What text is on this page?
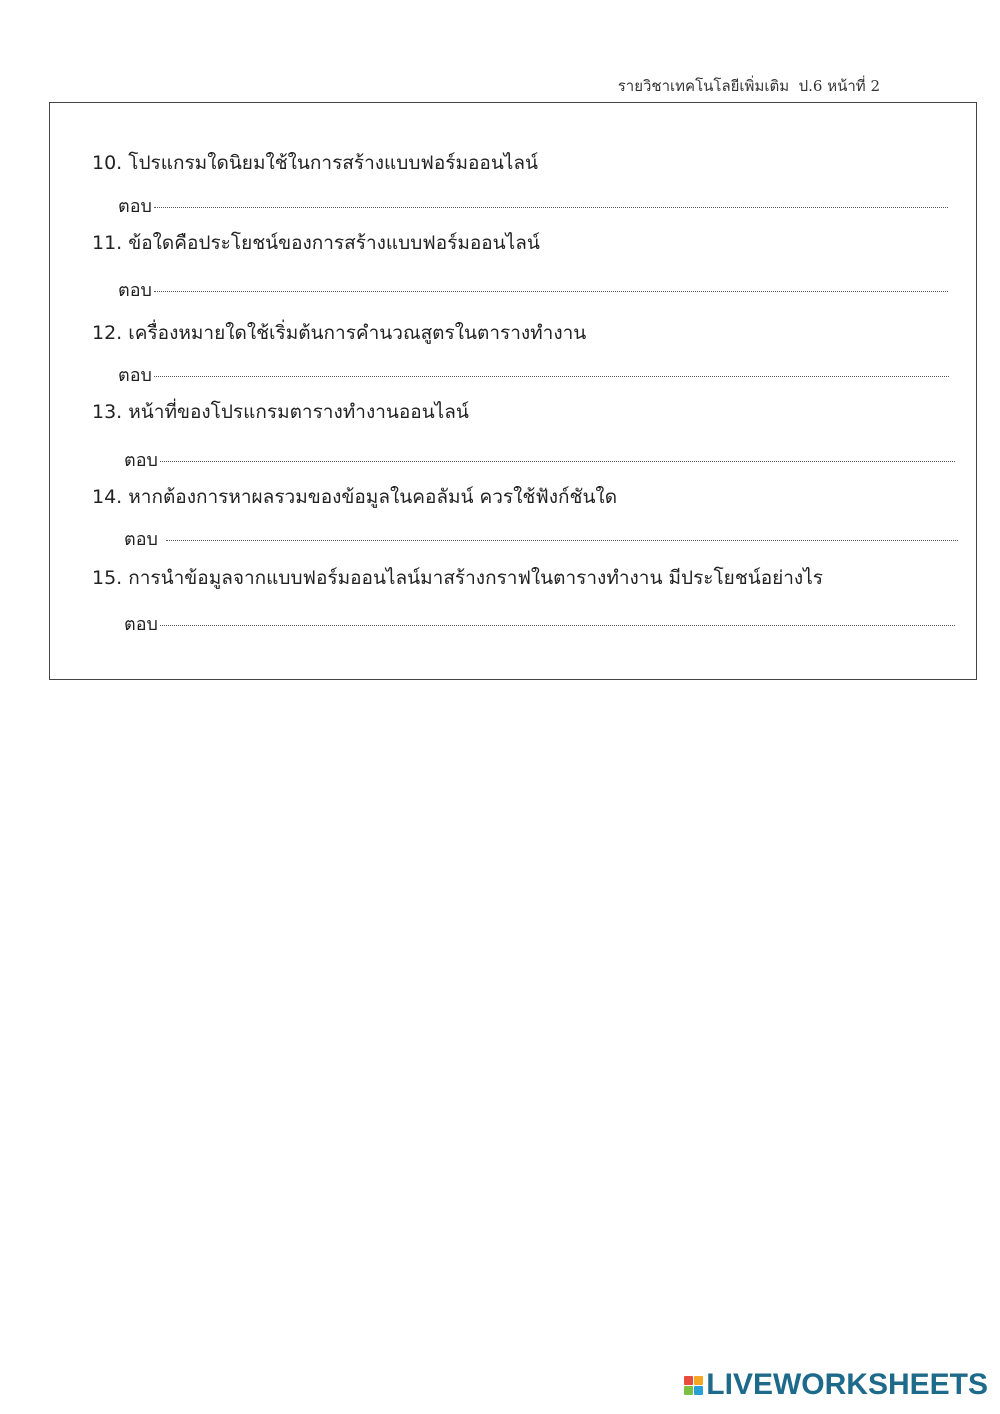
รายวิชาเทคโนโลยีเพิ่มเติม  ป.6 หน้าที่ 2
10. โปรแกรมใดนิยมใช้ในการสร้างแบบฟอร์มออนไลน์
ตอบ
11. ข้อใดคือประโยชน์ของการสร้างแบบฟอร์มออนไลน์
ตอบ
12. เครื่องหมายใดใช้เริ่มต้นการคำนวณสูตรในตารางทำงาน
ตอบ
13. หน้าที่ของโปรแกรมตารางทำงานออนไลน์
ตอบ
14. หากต้องการหาผลรวมของข้อมูลในคอลัมน์ ควรใช้ฟังก์ชันใด
ตอบ
15. การนำข้อมูลจากแบบฟอร์มออนไลน์มาสร้างกราฟในตารางทำงาน มีประโยชน์อย่างไร
ตอบ
LIVEWORKSHEETS
